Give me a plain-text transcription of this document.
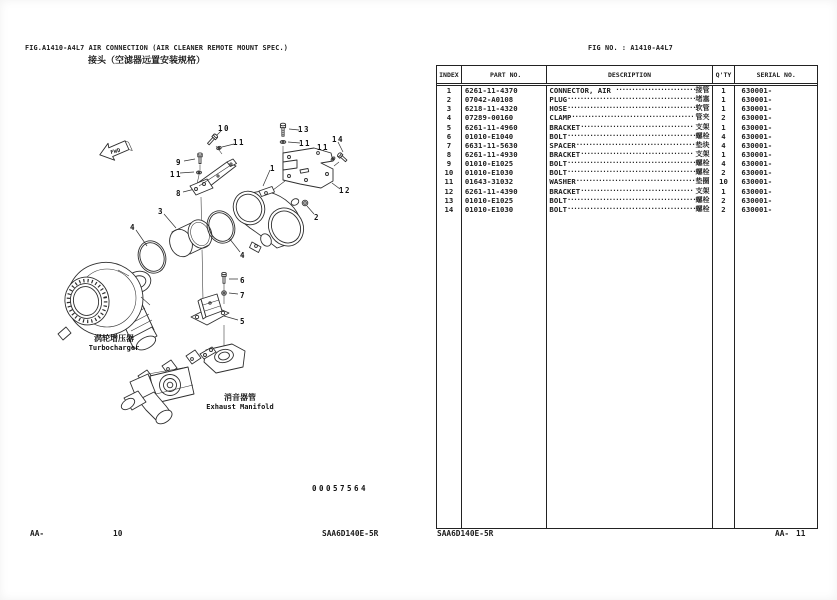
FIG.A1410-A4L7 AIR CONNECTION (AIR CLEANER REMOTE MOUNT SPEC.)
接头（空滤器远置安装规格）
FIG NO. : A1410-A4L7
FWD
1
2
3
4
4
5
6
7
8
9
10
11	11 11
11
12
13
14
涡轮增压器
Turbocharger
消音器管
Exhaust Manifold
00057564
INDEX	PART NO.	DESCRIPTION	Q'TY	SERIAL NO.
1	6261-11-4370	CONNECTOR, AIR ·····	接管	1	630001-
2	07042-A0108	PLUG ·····	堵塞	1	630001-
3	6218-11-4320	HOSE ·····	软管	1	630001-
4	07289-00160	CLAMP ·····	管夹	2	630001-
5	6261-11-4960	BRACKET ·····	支架	1	630001-
6	01010-E1040	BOLT ·····	螺栓	4	630001-
7	6631-11-5630	SPACER ·····	垫块	4	630001-
8	6261-11-4930	BRACKET ·····	支架	1	630001-
9	01010-E1025	BOLT ·····	螺栓	4	630001-
10	01010-E1030	BOLT ·····	螺栓	2	630001-
11	01643-31032	WASHER ·····	垫圈	10	630001-
12	6261-11-4390	BRACKET ·····	支架	1	630001-
13	01010-E1025	BOLT ·····	螺栓	2	630001-
14	01010-E1030	BOLT ·····	螺栓	2	630001-
AA-	10	SAA6D140E-5R	SAA6D140E-5R	AA- 11
